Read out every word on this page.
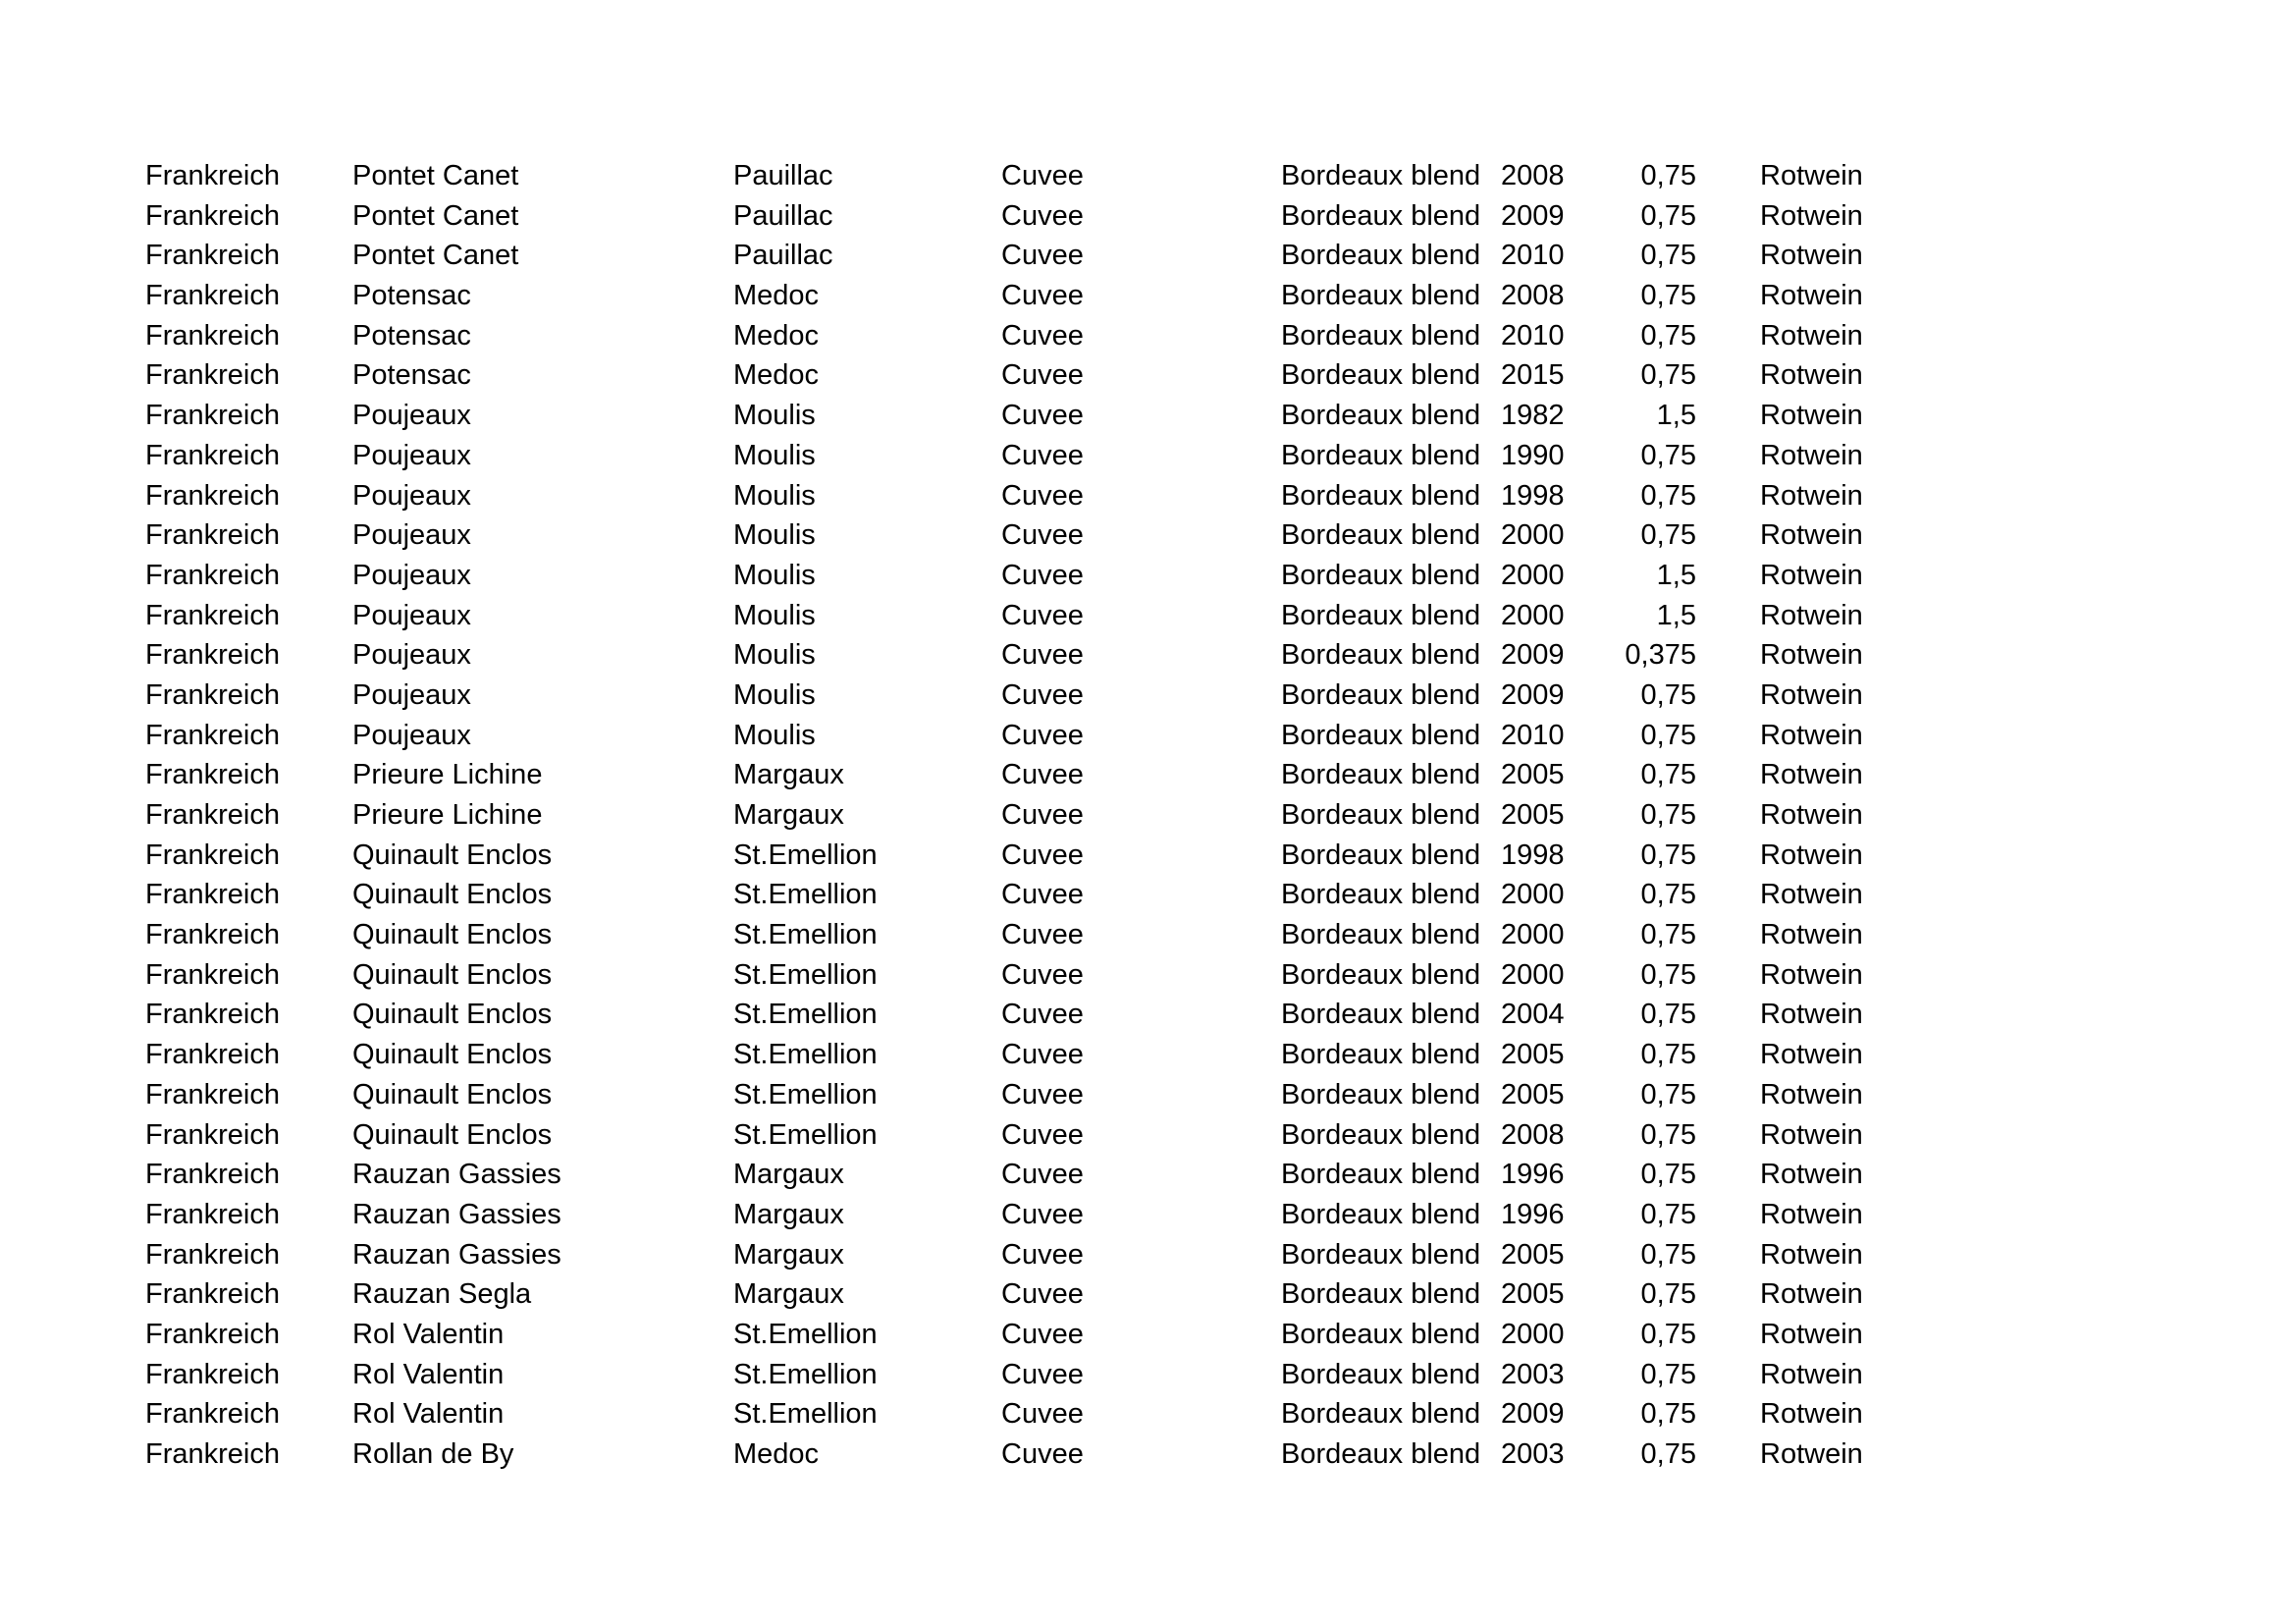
Frankreich	Pontet Canet	Pauillac	Cuvee	Bordeaux blend 2008	0,75 Rotwein
Frankreich	Pontet Canet	Pauillac	Cuvee	Bordeaux blend 2009	0,75 Rotwein
Frankreich	Pontet Canet	Pauillac	Cuvee	Bordeaux blend 2010	0,75 Rotwein
Frankreich	Potensac	Medoc	Cuvee	Bordeaux blend 2008	0,75 Rotwein
Frankreich	Potensac	Medoc	Cuvee	Bordeaux blend 2010	0,75 Rotwein
Frankreich	Potensac	Medoc	Cuvee	Bordeaux blend 2015	0,75 Rotwein
Frankreich	Poujeaux	Moulis	Cuvee	Bordeaux blend 1982	1,5 Rotwein
Frankreich	Poujeaux	Moulis	Cuvee	Bordeaux blend 1990	0,75 Rotwein
Frankreich	Poujeaux	Moulis	Cuvee	Bordeaux blend 1998	0,75 Rotwein
Frankreich	Poujeaux	Moulis	Cuvee	Bordeaux blend 2000	0,75 Rotwein
Frankreich	Poujeaux	Moulis	Cuvee	Bordeaux blend 2000	1,5 Rotwein
Frankreich	Poujeaux	Moulis	Cuvee	Bordeaux blend 2000	1,5 Rotwein
Frankreich	Poujeaux	Moulis	Cuvee	Bordeaux blend 2009	0,375 Rotwein
Frankreich	Poujeaux	Moulis	Cuvee	Bordeaux blend 2009	0,75 Rotwein
Frankreich	Poujeaux	Moulis	Cuvee	Bordeaux blend 2010	0,75 Rotwein
Frankreich	Prieure Lichine	Margaux	Cuvee	Bordeaux blend 2005	0,75 Rotwein
Frankreich	Prieure Lichine	Margaux	Cuvee	Bordeaux blend 2005	0,75 Rotwein
Frankreich	Quinault Enclos	St.Emellion	Cuvee	Bordeaux blend 1998	0,75 Rotwein
Frankreich	Quinault Enclos	St.Emellion	Cuvee	Bordeaux blend 2000	0,75 Rotwein
Frankreich	Quinault Enclos	St.Emellion	Cuvee	Bordeaux blend 2000	0,75 Rotwein
Frankreich	Quinault Enclos	St.Emellion	Cuvee	Bordeaux blend 2000	0,75 Rotwein
Frankreich	Quinault Enclos	St.Emellion	Cuvee	Bordeaux blend 2004	0,75 Rotwein
Frankreich	Quinault Enclos	St.Emellion	Cuvee	Bordeaux blend 2005	0,75 Rotwein
Frankreich	Quinault Enclos	St.Emellion	Cuvee	Bordeaux blend 2005	0,75 Rotwein
Frankreich	Quinault Enclos	St.Emellion	Cuvee	Bordeaux blend 2008	0,75 Rotwein
Frankreich	Rauzan Gassies	Margaux	Cuvee	Bordeaux blend 1996	0,75 Rotwein
Frankreich	Rauzan Gassies	Margaux	Cuvee	Bordeaux blend 1996	0,75 Rotwein
Frankreich	Rauzan Gassies	Margaux	Cuvee	Bordeaux blend 2005	0,75 Rotwein
Frankreich	Rauzan Segla	Margaux	Cuvee	Bordeaux blend 2005	0,75 Rotwein
Frankreich	Rol Valentin	St.Emellion	Cuvee	Bordeaux blend 2000	0,75 Rotwein
Frankreich	Rol Valentin	St.Emellion	Cuvee	Bordeaux blend 2003	0,75 Rotwein
Frankreich	Rol Valentin	St.Emellion	Cuvee	Bordeaux blend 2009	0,75 Rotwein
Frankreich	Rollan de By	Medoc	Cuvee	Bordeaux blend 2003	0,75 Rotwein
